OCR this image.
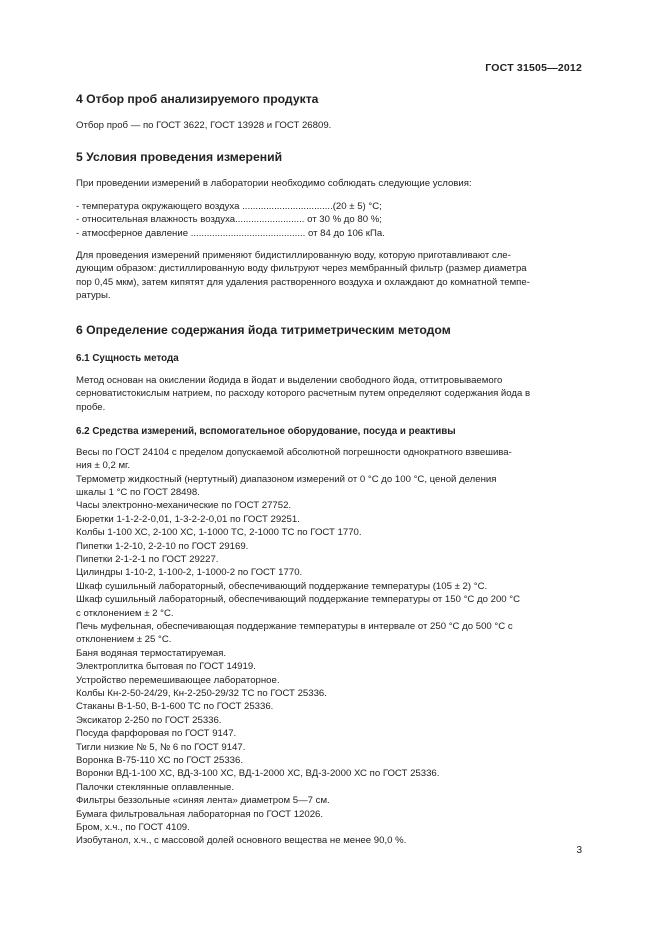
ГОСТ 31505—2012
4 Отбор проб анализируемого продукта

Отбор проб — по ГОСТ 3622, ГОСТ 13928 и ГОСТ 26809.

5 Условия проведения измерений

При проведении измерений в лаборатории необходимо соблюдать следующие условия:

- температура окружающего воздуха ..................................(20 ± 5) °С;

- относительная влажность воздуха.......................... от 30 % до 80 %;

- атмосферное давление ........................................... от 84 до 106 кПа.

Для проведения измерений применяют бидистиллированную воду, которую приготавливают сле-

дующим образом: дистиллированную воду фильтруют через мембранный фильтр (размер диаметра

пор 0,45 мкм), затем кипятят для удаления растворенного воздуха и охлаждают до комнатной темпе-

ратуры.

6 Определение содержания йода титриметрическим методом
6.1 Сущность метода

Метод основан на окислении йодида в йодат и выделении свободного йода, оттитровываемого

серноватистокислым натрием, по расходу которого расчетным путем определяют содержания йода в

пробе.

6.2 Средства измерений, вспомогательное оборудование, посуда и реактивы

Весы по ГОСТ 24104 с пределом допускаемой абсолютной погрешности однократного взвешива-

ния ± 0,2 мг.

Термометр жидкостный (нертутный) диапазоном измерений от 0 °С до 100 °С, ценой деления

шкалы 1 °С по ГОСТ 28498.

Часы электронно-механические по ГОСТ 27752.

Бюретки 1-1-2-2-0,01, 1-3-2-2-0,01 по ГОСТ 29251.

Колбы 1-100 ХС, 2-100 ХС, 1-1000 ТС, 2-1000 ТС по ГОСТ 1770.

Пипетки 1-2-10, 2-2-10 по ГОСТ 29169.

Пипетки 2-1-2-1 по ГОСТ 29227.

Цилиндры 1-10-2, 1-100-2, 1-1000-2 по ГОСТ 1770.

Шкаф сушильный лабораторный, обеспечивающий поддержание температуры (105 ± 2) °С.

Шкаф сушильный лабораторный, обеспечивающий поддержание температуры от 150 °С до 200 °С

с отклонением ± 2 °С.

Печь муфельная, обеспечивающая поддержание температуры в интервале от 250 °С до 500 °С с

отклонением ± 25 °С.

Баня водяная термостатируемая.

Электроплитка бытовая по ГОСТ 14919.

Устройство перемешивающее лабораторное.

Колбы Кн-2-50-24/29, Кн-2-250-29/32 ТС по ГОСТ 25336.

Стаканы В-1-50, В-1-600 ТС по ГОСТ 25336.

Эксикатор 2-250 по ГОСТ 25336.

Посуда фарфоровая по ГОСТ 9147.

Тигли низкие № 5, № 6 по ГОСТ 9147.

Воронка В-75-110 ХС по ГОСТ 25336.

Воронки ВД-1-100 ХС, ВД-3-100 ХС, ВД-1-2000 ХС, ВД-3-2000 ХС по ГОСТ 25336.

Палочки стеклянные оплавленные.

Фильтры беззольные «синяя лента» диаметром 5—7 см.

Бумага фильтровальная лабораторная по ГОСТ 12026.

Бром, х.ч., по ГОСТ 4109.

Изобутанол, х.ч., с массовой долей основного вещества не менее 90,0 %.

3
